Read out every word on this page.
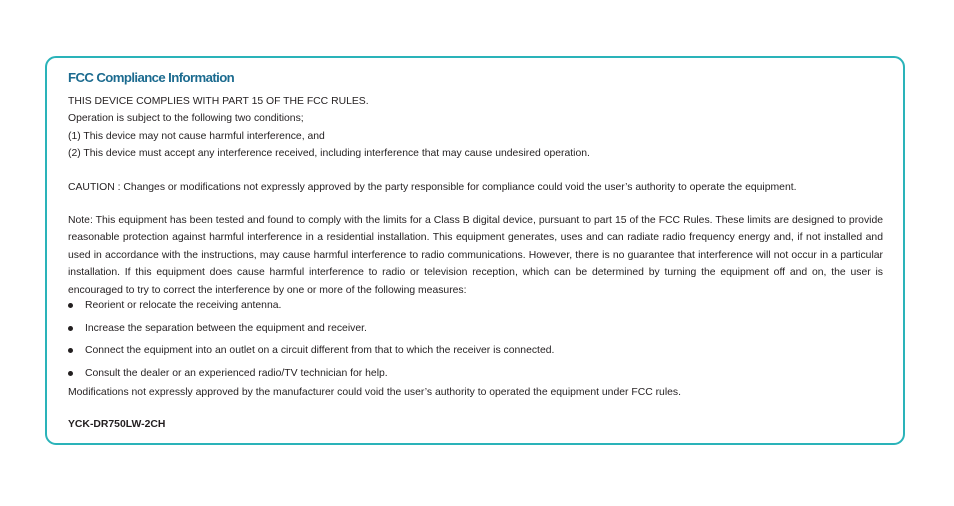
FCC Compliance Information
THIS DEVICE COMPLIES WITH PART 15 OF THE FCC RULES.
Operation is subject to the following two conditions;
(1) This device may not cause harmful interference, and
(2) This device must accept any interference received, including interference that may cause undesired operation.

CAUTION : Changes or modifications not expressly approved by the party responsible for compliance could void the user’s authority to operate the equipment.

Note: This equipment has been tested and found to comply with the limits for a Class B digital device, pursuant to part 15 of the FCC Rules. These limits are designed to provide reasonable protection against harmful interference in a residential installation. This equipment generates, uses and can radiate radio frequency energy and, if not installed and used in accordance with the instructions, may cause harmful interference to radio communications. However, there is no guarantee that interference will not occur in a particular installation. If this equipment does cause harmful interference to radio or television reception, which can be determined by turning the equipment off and on, the user is encouraged to try to correct the interference by one or more of the following measures:

Reorient or relocate the receiving antenna.
Increase the separation between the equipment and receiver.
Connect the equipment into an outlet on a circuit different from that to which the receiver is connected.
Consult the dealer or an experienced radio/TV technician for help.

Modifications not expressly approved by the manufacturer could void the user’s authority to operated the equipment under FCC rules.

YCK-DR750LW-2CH
